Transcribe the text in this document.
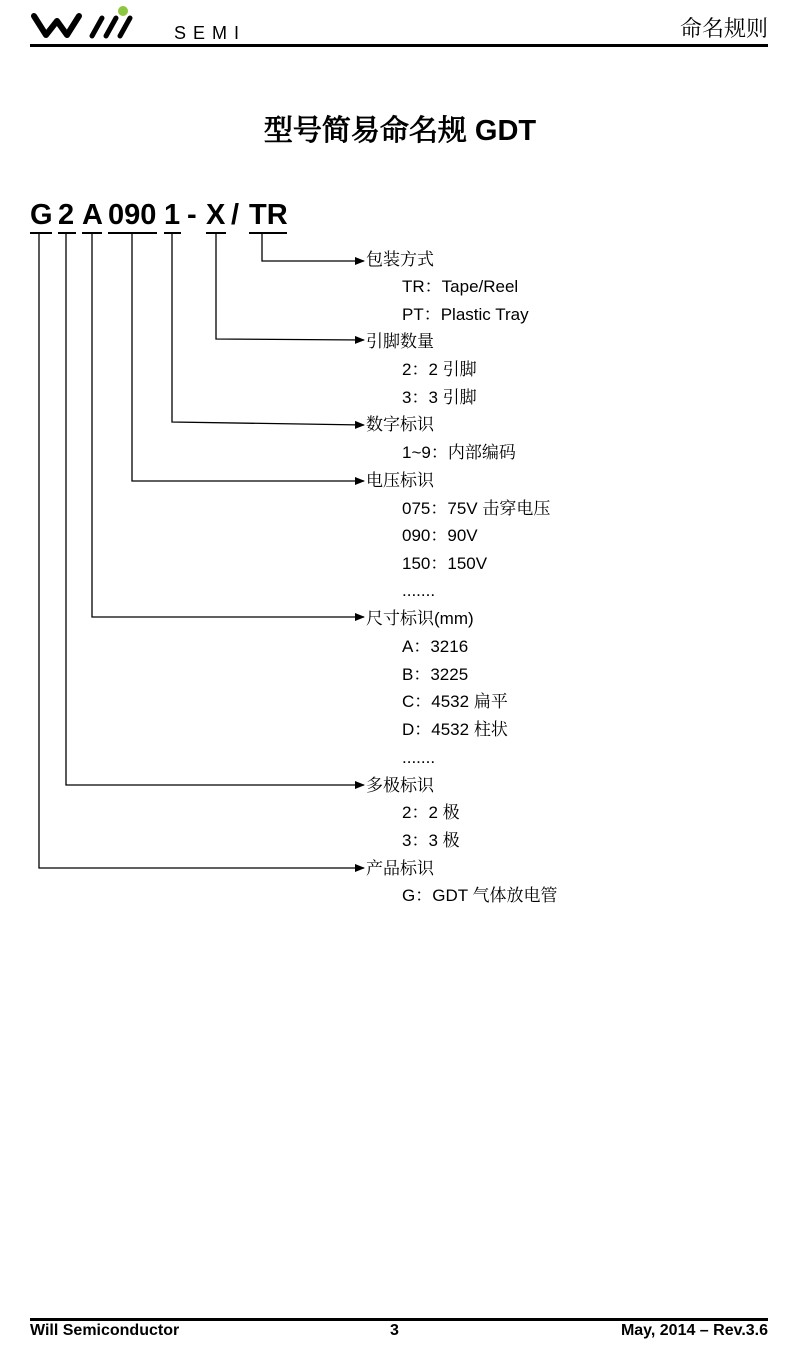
SEMI	命名规则
型号简易命名规 GDT
G 2 A 090 1 - X / TR
包装方式
TR：Tape/Reel
PT：Plastic Tray
引脚数量
2：2 引脚
3：3 引脚
数字标识
1~9：内部编码
电压标识
075：75V 击穿电压
090：90V
150：150V
.......
尺寸标识(mm)
A：3216
B：3225
C：4532 扁平
D：4532 柱状
.......
多极标识
2：2 极
3：3 极
产品标识
G：GDT 气体放电管
Will Semiconductor	3	May, 2014 – Rev.3.6
